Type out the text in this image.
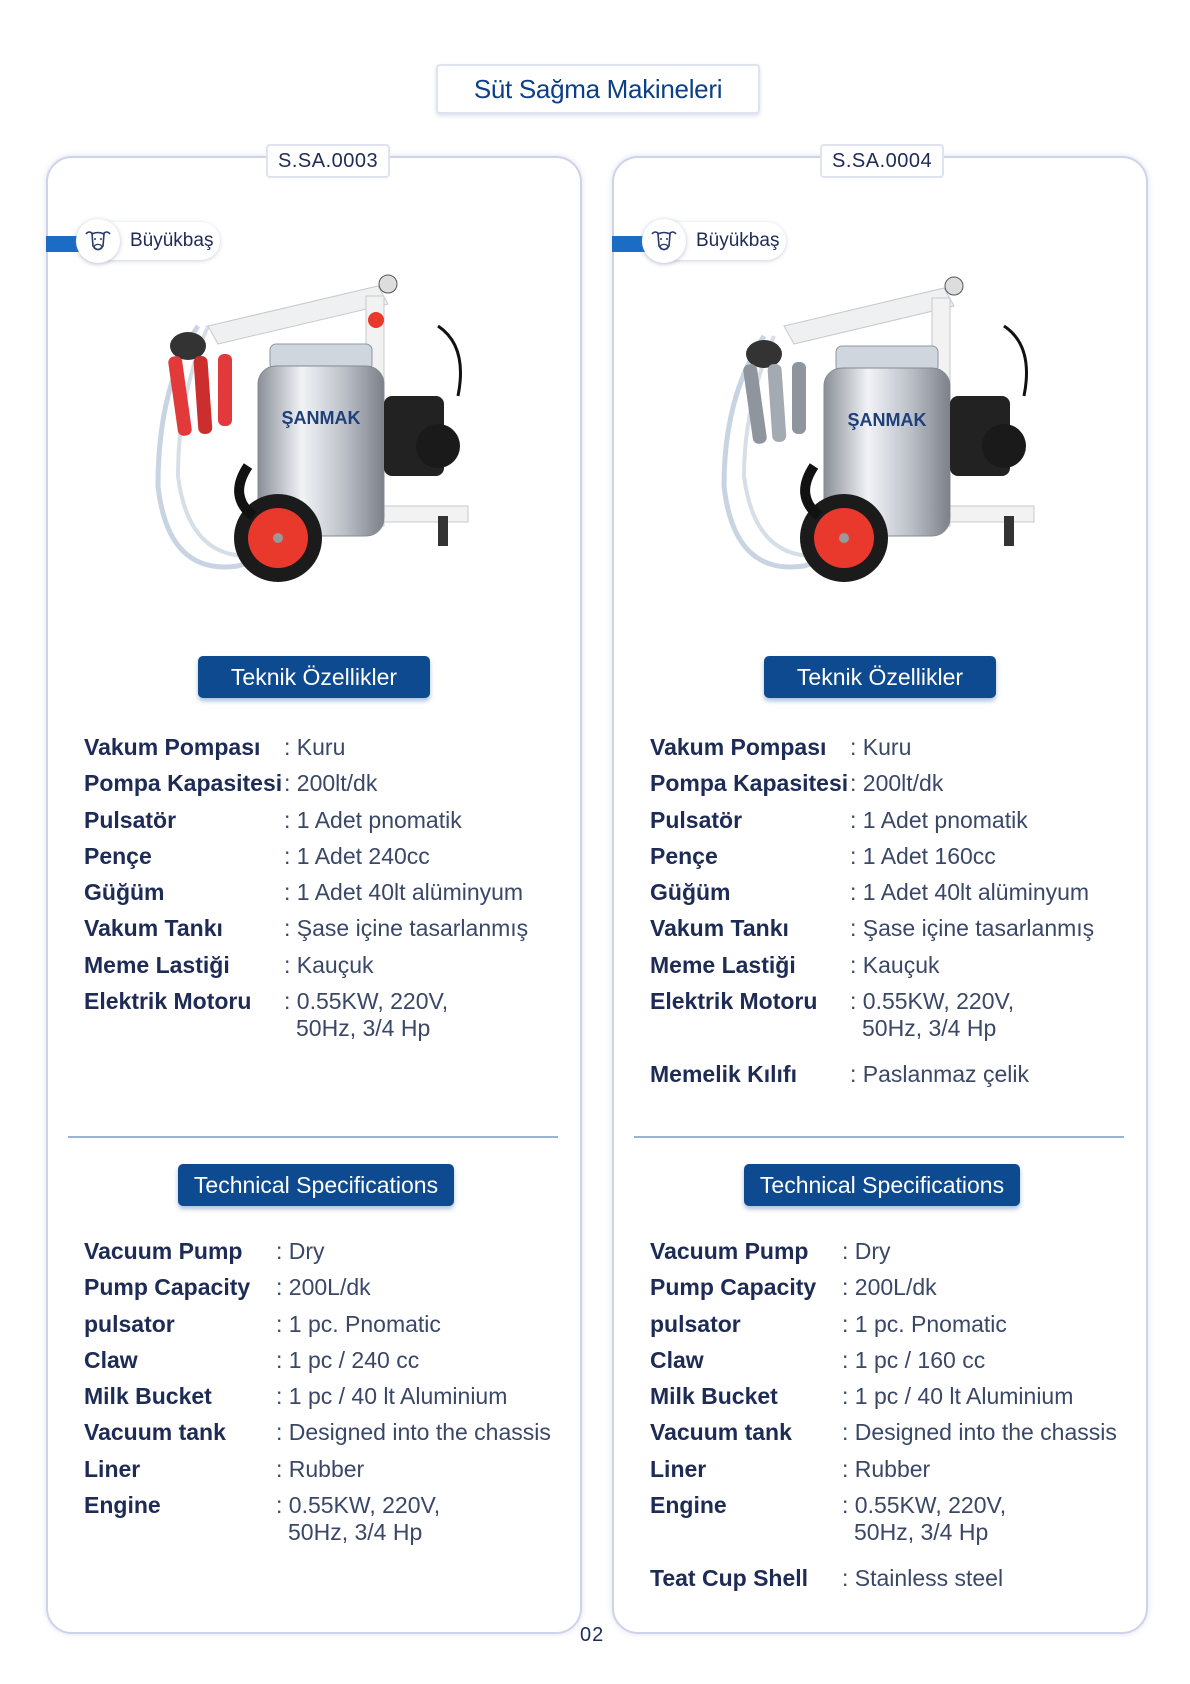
Süt Sağma Makineleri
S.SA.0003
Büyükbaş
ŞANMAK
Teknik Özellikler
Vakum Pompası : Kuru
Pompa Kapasitesi : 200lt/dk
Pulsatör	: 1 Adet pnomatik
Pençe	: 1 Adet 240cc
Güğüm	: 1 Adet 40lt alüminyum
Vakum Tankı	: Şase içine tasarlanmış
Meme Lastiği : Kauçuk
Elektrik Motoru : 0.55KW, 220V,
50Hz, 3/4 Hp
Technical Specifications
Vacuum Pump : Dry
Pump Capacity : 200L/dk
pulsator	: 1 pc. Pnomatic
Claw	: 1 pc / 240 cc
Milk Bucket	: 1 pc / 40 lt Aluminium
Vacuum tank : Designed into the chassis
Liner	: Rubber
Engine	: 0.55KW, 220V,
50Hz, 3/4 Hp
S.SA.0004
Büyükbaş
ŞANMAK
Teknik Özellikler
Vakum Pompası : Kuru
Pompa Kapasitesi : 200lt/dk
Pulsatör	: 1 Adet pnomatik
Pençe	: 1 Adet 160cc
Güğüm	: 1 Adet 40lt alüminyum
Vakum Tankı	: Şase içine tasarlanmış
Meme Lastiği : Kauçuk
Elektrik Motoru : 0.55KW, 220V,
50Hz, 3/4 Hp
Memelik Kılıfı : Paslanmaz çelik
Technical Specifications
Vacuum Pump : Dry
Pump Capacity : 200L/dk
pulsator	: 1 pc. Pnomatic
Claw	: 1 pc / 160 cc
Milk Bucket	: 1 pc / 40 lt Aluminium
Vacuum tank : Designed into the chassis
Liner	: Rubber
Engine	: 0.55KW, 220V,
50Hz, 3/4 Hp
Teat Cup Shell : Stainless steel
02
